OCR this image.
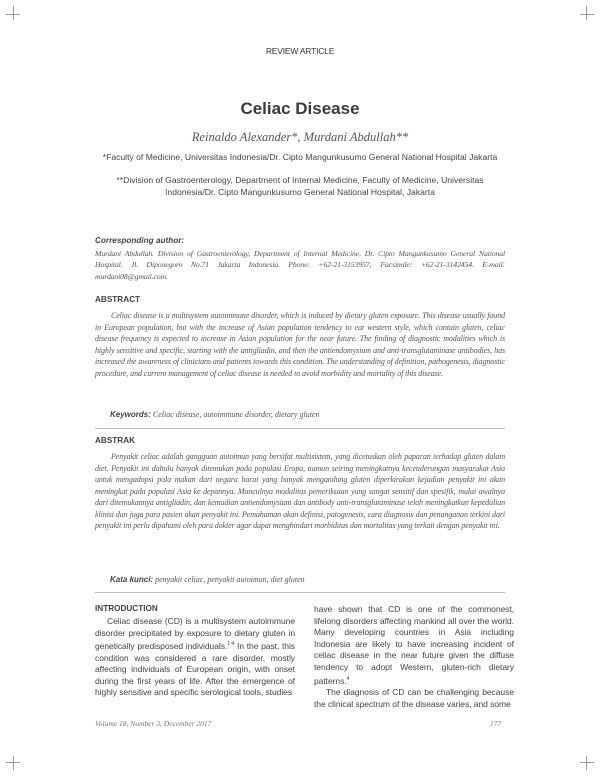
REVIEW ARTICLE
Celiac Disease
Reinaldo Alexander*, Murdani Abdullah**
*Faculty of Medicine, Universitas Indonesia/Dr. Cipto Mangunkusumo General National Hospital Jakarta
**Division of Gastroenterology, Department of Internal Medicine, Faculty of Medicine, Universitas Indonesia/Dr. Cipto Mangunkusumo General National Hospital, Jakarta
Corresponding author:
Murdani Abdullah. Division of Gastroenterology, Department of Internal Medicine, Dr. Cipto Mangunkusumo General National Hospital. Jl. Diponegoro No.71 Jakarta Indonesia. Phone: +62-21-3153957; Facsimile: +62-21-3142454. E-mail: murdani08@gmail.com.
ABSTRACT
Celiac disease is a multisystem autoimmune disorder, which is induced by dietary gluten exposure. This disease usually found in European population, but with the increase of Asian population tendency to eat western style, which contain gluten, celiac disease frequency is expected to increase in Asian population for the near future. The finding of diagnostic modalities which is highly sensitive and specific, starting with the antigliadin, and then the antiendomysium and anti-transglutaminase antibodies, has increased the awareness of clinicians and patients towards this condition. The understanding of definition, pathogenesis, diagnostic procedure, and current management of celiac disease is needed to avoid morbidity and mortality of this disease.
Keywords: Celiac disease, autoimmune disorder, dietary gluten
ABSTRAK
Penyakit celiac adalah gangguan autoimun yang bersifat multisistem, yang dicetuskan oleh paparan terhadap gluten dalam diet. Penyakit ini dahulu banyak ditemukan pada populasi Eropa, namun seiring meningkatnya kecenderungan masyarakat Asia untuk mengadopsi pola makan dari negara barat yang banyak mengandung gluten diperkirakan kejadian penyakit ini akan meningkat pada populasi Asia ke depannya. Munculnya modalitas pemeriksaan yang sangat sensitif dan spesifik, mulai awalnya dari ditemukannya antigliadin, dan kemudian antiendomysium dan antibody anti-transglutaminase telah meningkatkan kepedulian klinisi dan juga para pasien akan penyakit ini. Pemahaman akan definisi, patogenesis, cara diagnosis dan penanganan terkini dari penyakit ini perlu dipahami oleh para dokter agar dapat menghindari morbiditas dan mortalitas yang terkait dengan penyakit ini.
Kata kunci: penyakit celiac, penyakit autoimun, diet gluten
INTRODUCTION

Celiac disease (CD) is a multisystem autoimmune disorder precipitated by exposure to dietary gluten in genetically predisposed individuals.$^{1-4}$ In the past, this condition was considered a rare disorder, mostly affecting individuals of European origin, with onset during the first years of life. After the emergence of highly sensitive and specific serological tools, studies

have shown that CD is one of the commonest, lifelong disorders affecting mankind all over the world. Many developing countries in Asia including Indonesia are likely to have increasing incident of celiac disease in the near future given the diffuse tendency to adopt Western, gluten-rich dietary patterns.$^4$

The diagnosis of CD can be challenging because the clinical spectrum of the disease varies, and some

Volume 18, Number 3, December 2017	177
